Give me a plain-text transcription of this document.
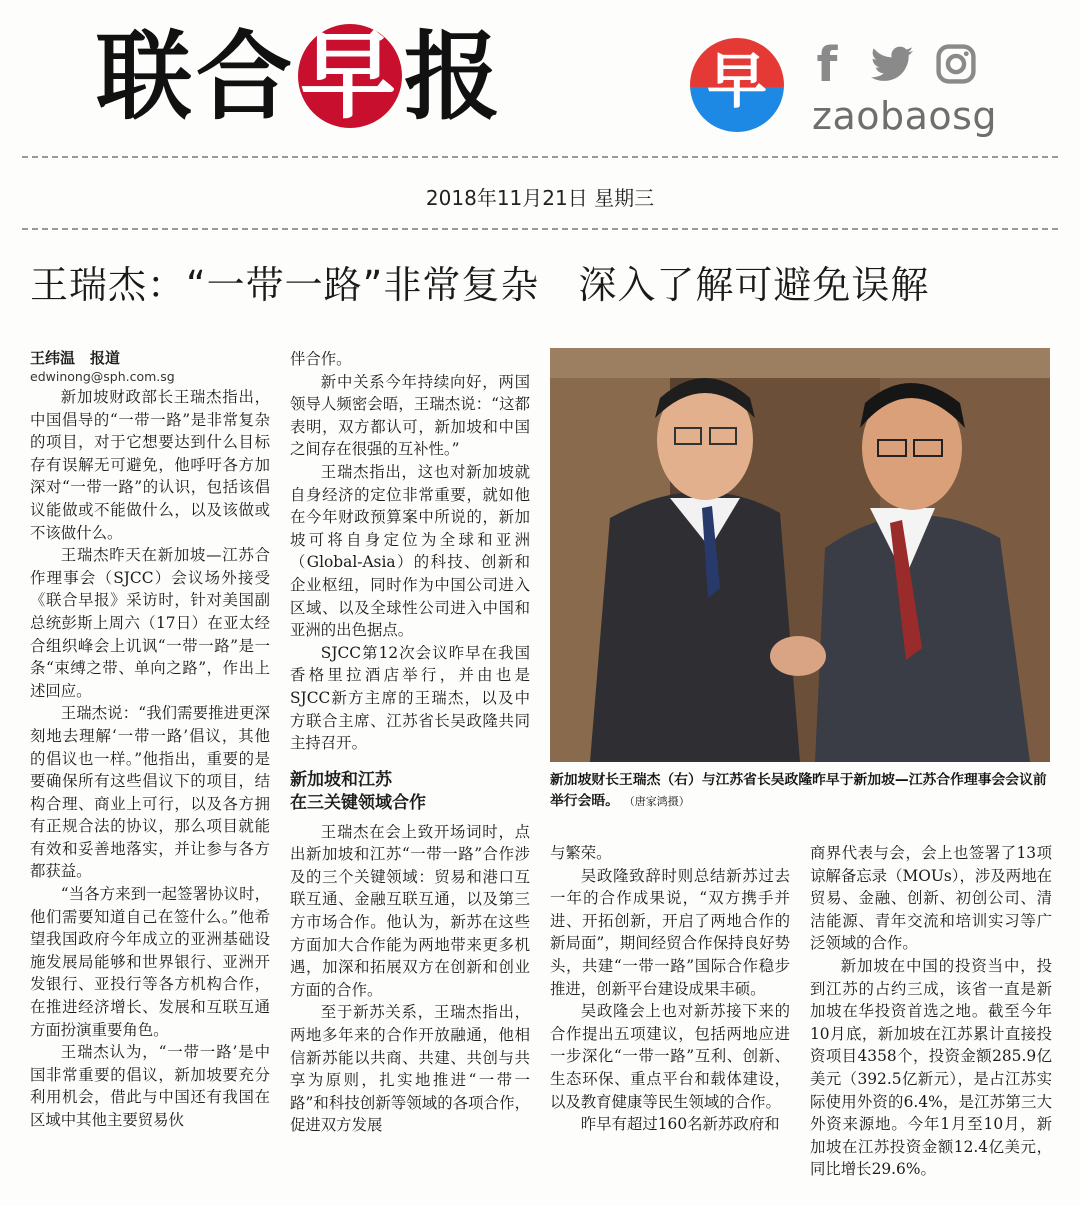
联合早报	早	f
zaobaosg
2018年11月21日 星期三
王瑞杰：“一带一路”非常复杂　深入了解可避免误解
王纬温　报道
edwinong@sph.com.sg

新加坡财政部长王瑞杰指出，中国倡导的“一带一路”是非常复杂的项目，对于它想要达到什么目标存有误解无可避免，他呼吁各方加深对“一带一路”的认识，包括该倡议能做或不能做什么，以及该做或不该做什么。

王瑞杰昨天在新加坡—江苏合作理事会（SJCC）会议场外接受《联合早报》采访时，针对美国副总统彭斯上周六（17日）在亚太经合组织峰会上讥讽“一带一路”是一条“束缚之带、单向之路”，作出上述回应。

王瑞杰说：“我们需要推进更深刻地去理解‘一带一路’倡议，其他的倡议也一样。”他指出，重要的是要确保所有这些倡议下的项目，结构合理、商业上可行，以及各方拥有正规合法的协议，那么项目就能有效和妥善地落实，并让参与各方都获益。

“当各方来到一起签署协议时，他们需要知道自己在签什么。”他希望我国政府今年成立的亚洲基础设施发展局能够和世界银行、亚洲开发银行、亚投行等各方机构合作，在推进经济增长、发展和互联互通方面扮演重要角色。

王瑞杰认为，“一带一路’是中国非常重要的倡议，新加坡要充分利用机会，借此与中国还有我国在区域中其他主要贸易伙

伴合作。

新中关系今年持续向好，两国领导人频密会晤，王瑞杰说：“这都表明，双方都认可，新加坡和中国之间存在很强的互补性。”

王瑞杰指出，这也对新加坡就自身经济的定位非常重要，就如他在今年财政预算案中所说的，新加坡可将自身定位为全球和亚洲（Global-Asia）的科技、创新和企业枢纽，同时作为中国公司进入区域、以及全球性公司进入中国和亚洲的出色据点。

SJCC第12次会议昨早在我国香格里拉酒店举行，并由也是SJCC新方主席的王瑞杰，以及中方联合主席、江苏省长吴政隆共同主持召开。

新加坡和江苏
在三关键领域合作

王瑞杰在会上致开场词时，点出新加坡和江苏“一带一路”合作涉及的三个关键领域：贸易和港口互联互通、金融互联互通，以及第三方市场合作。他认为，新苏在这些方面加大合作能为两地带来更多机遇，加深和拓展双方在创新和创业方面的合作。

至于新苏关系，王瑞杰指出，两地多年来的合作开放融通，他相信新苏能以共商、共建、共创与共享为原则，扎实地推进“一带一路”和科技创新等领域的各项合作，促进双方发展

新加坡财长王瑞杰（右）与江苏省长吴政隆昨早于新加坡—江苏合作理事会会议前举行会晤。 （唐家鸿摄）

与繁荣。

吴政隆致辞时则总结新苏过去一年的合作成果说，“双方携手并进、开拓创新，开启了两地合作的新局面”，期间经贸合作保持良好势头，共建“一带一路”国际合作稳步推进，创新平台建设成果丰硕。

吴政隆会上也对新苏接下来的合作提出五项建议，包括两地应进一步深化“一带一路”互利、创新、生态环保、重点平台和载体建设，以及教育健康等民生领域的合作。

昨早有超过160名新苏政府和

商界代表与会，会上也签署了13项谅解备忘录（MOUs），涉及两地在贸易、金融、创新、初创公司、清洁能源、青年交流和培训实习等广泛领域的合作。

新加坡在中国的投资当中，投到江苏的占约三成，该省一直是新加坡在华投资首选之地。截至今年10月底，新加坡在江苏累计直接投资项目4358个，投资金额285.9亿美元（392.5亿新元），是占江苏实际使用外资的6.4%，是江苏第三大外资来源地。今年1月至10月，新加坡在江苏投资金额12.4亿美元，同比增长29.6%。
